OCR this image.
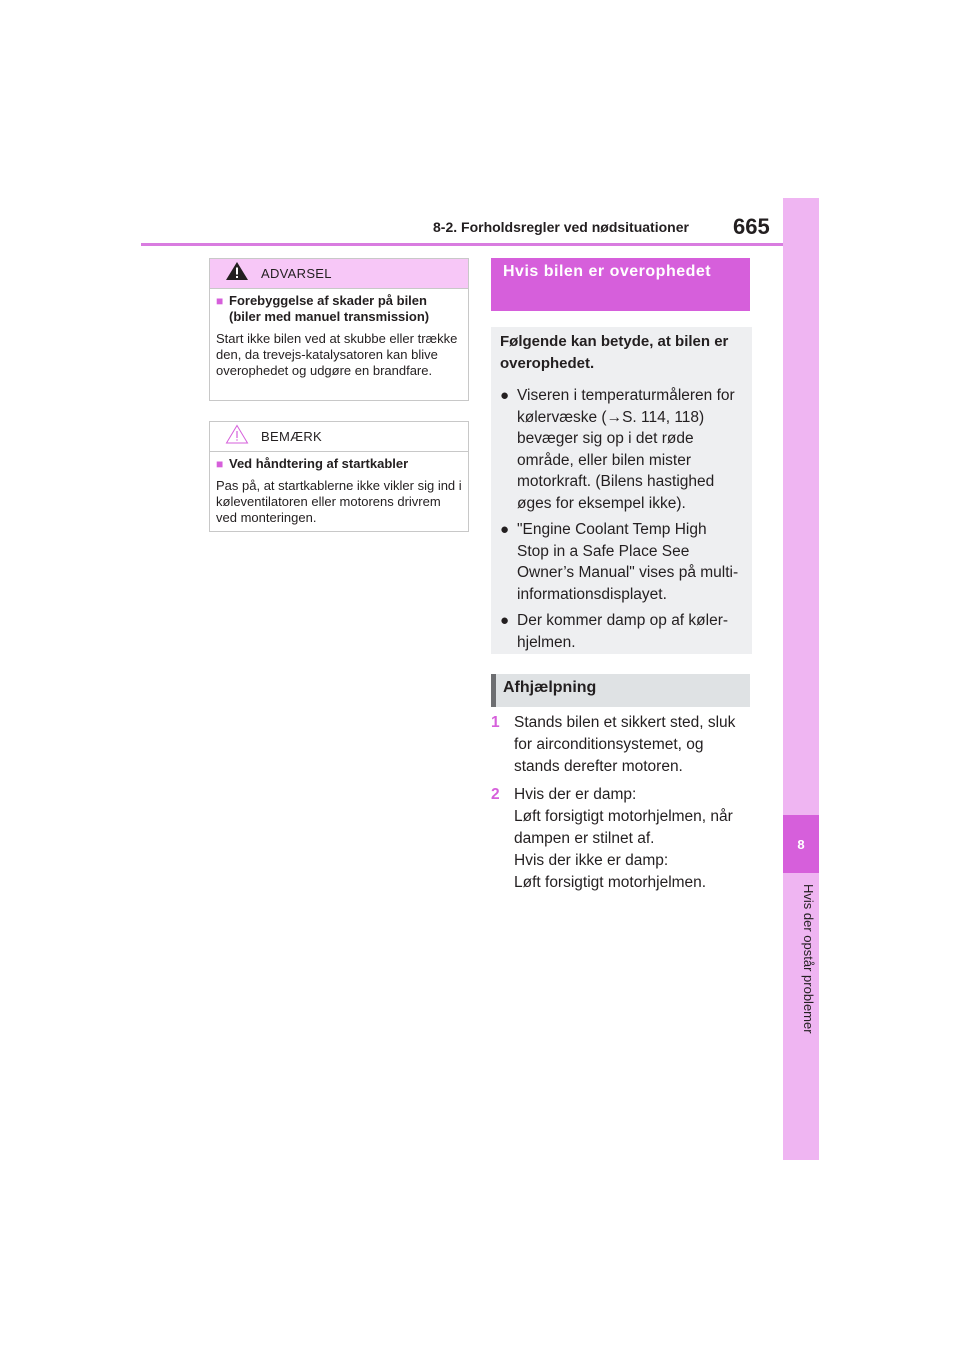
8-2. Forholdsregler ved nødsituationer 665
8
Hvis der opstår problemer
ADVARSEL
■ Forebyggelse af skader på bilen (biler med manuel transmission)
Start ikke bilen ved at skubbe eller trække den, da trevejs-katalysatoren kan blive overophedet og udgøre en brandfare.
BEMÆRK
■ Ved håndtering af startkabler
Pas på, at startkablerne ikke vikler sig ind i køleventilatoren eller motorens drivrem ved monteringen.
Hvis bilen er overophedet
Følgende kan betyde, at bilen er overophedet.
● Viseren i temperaturmåleren for kølervæske (→S. 114, 118) bevæger sig op i det røde område, eller bilen mister motorkraft. (Bilens hastighed øges for eksempel ikke).
● "Engine Coolant Temp High Stop in a Safe Place See Owner’s Manual" vises på multi-informationsdisplayet.
● Der kommer damp op af køler-hjelmen.
Afhjælpning
1 Stands bilen et sikkert sted, sluk for airconditionsystemet, og stands derefter motoren.
2 Hvis der er damp:
Løft forsigtigt motorhjelmen, når dampen er stilnet af.
Hvis der ikke er damp:
Løft forsigtigt motorhjelmen.
